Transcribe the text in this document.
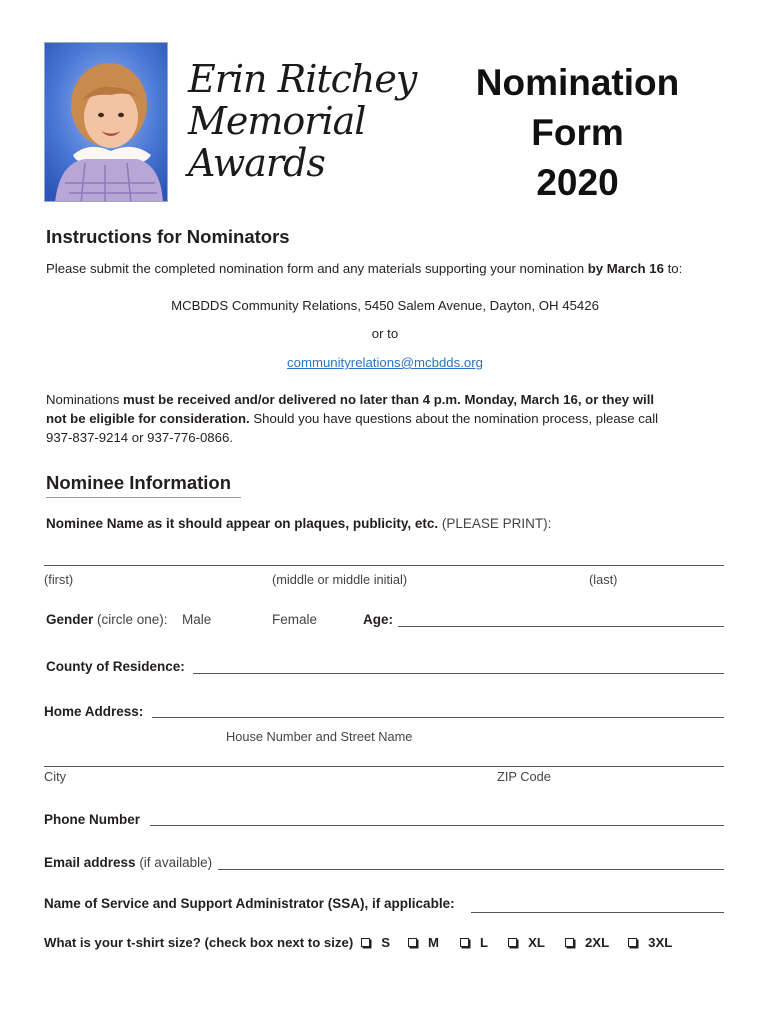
Erin Ritchey
Memorial
Awards
Nomination
Form
2020
Instructions for Nominators
Please submit the completed nomination form and any materials supporting your nomination by March 16 to:
MCBDDS Community Relations, 5450 Salem Avenue, Dayton, OH 45426
or to
communityrelations@mcbdds.org
Nominations must be received and/or delivered no later than 4 p.m. Monday, March 16, or they will
not be eligible for consideration. Should you have questions about the nomination process, please call
937-837-9214 or 937-776-0866.
Nominee Information
Nominee Name as it should appear on plaques, publicity, etc. (PLEASE PRINT):
(first)	(middle or middle initial)	(last)
Gender (circle one): Male	Female	Age:
County of Residence:
Home Address:
House Number and Street Name
City	ZIP Code
Phone Number
Email address (if available)
Name of Service and Support Administrator (SSA), if applicable:
What is your t-shirt size? (check box next to size) S	M	L	XL	2XL	3XL
